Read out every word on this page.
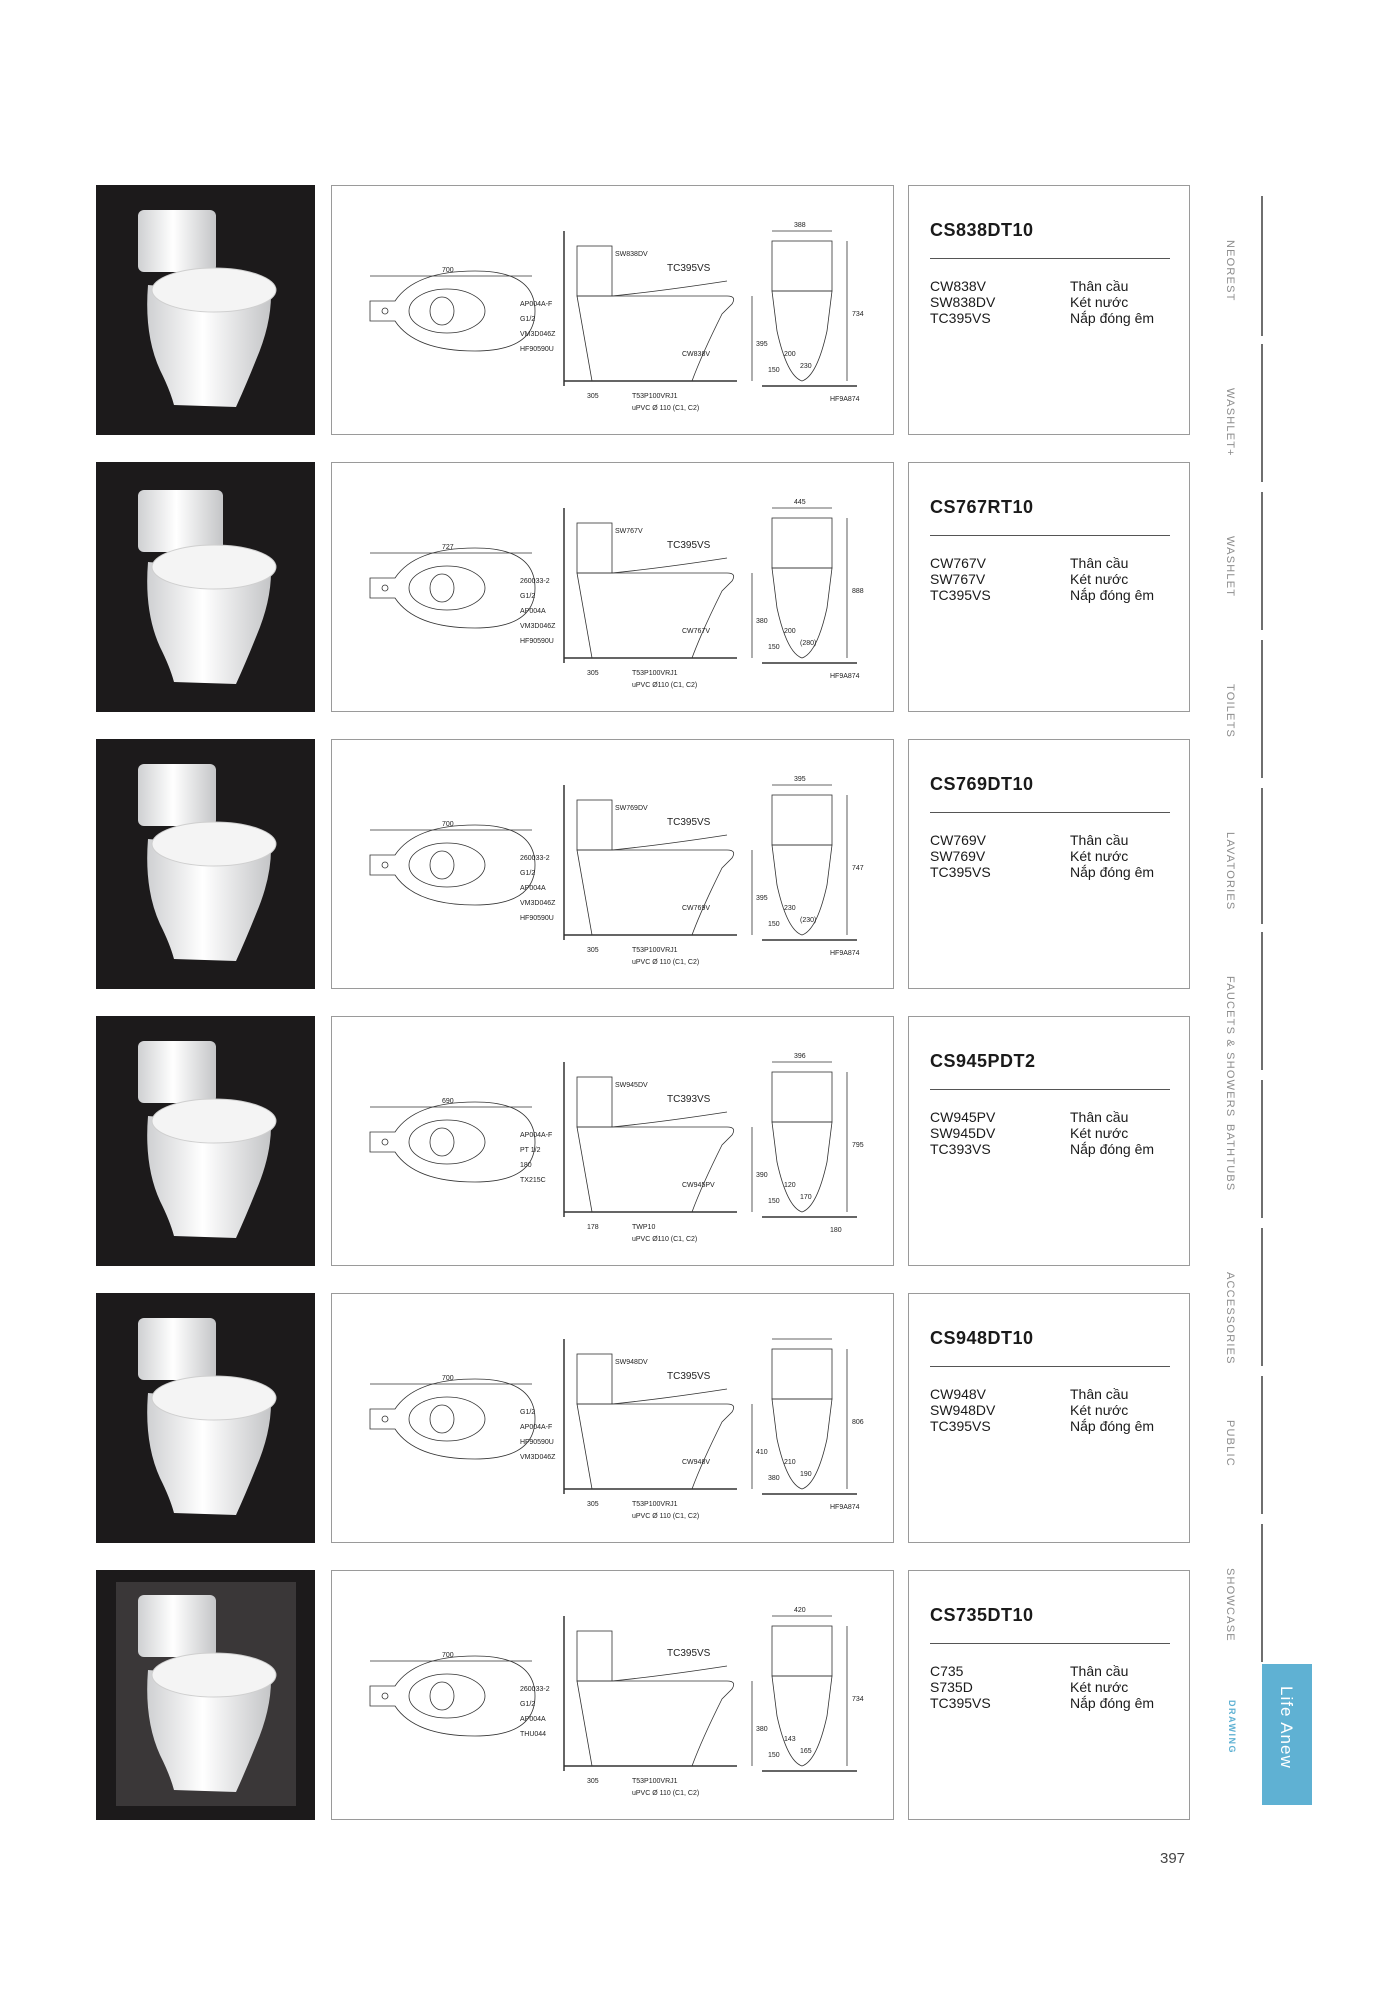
700
388
734
395
305
200
230
150
SW838DV
TC395VS
CW838V
AP004A-F
G1/2
VM3D046Z
HF90590U
T53P100VRJ1
uPVC Ø 110 (C1, C2)
HF9A874
CS838DT10
CW838V	Thân cầu
SW838DV	Két nước
TC395VS	Nắp đóng êm
727
445
888
380
305
200
(280)
150
SW767V
TC395VS
CW767V
260033-2
G1/2
AP004A
VM3D046Z
HF90590U
T53P100VRJ1
uPVC Ø110 (C1, C2)
HF9A874
CS767RT10
CW767V	Thân cầu
SW767V	Két nước
TC395VS	Nắp đóng êm
700
395
747
395
305
230
(230)
150
SW769DV
TC395VS
CW769V
260033-2
G1/2
AP004A
VM3D046Z
HF90590U
T53P100VRJ1
uPVC Ø 110 (C1, C2)
HF9A874
CS769DT10
CW769V	Thân cầu
SW769V	Két nước
TC395VS	Nắp đóng êm
690
396
795
390
178
120
170
150
SW945DV
TC393VS
CW945PV
AP004A-F
PT 1/2
180
TX215C
TWP10
uPVC Ø110 (C1, C2)
180
CS945PDT2
CW945PV	Thân cầu
SW945DV	Két nước
TC393VS	Nắp đóng êm
700
806
410
305
210
190
380
SW948DV
TC395VS
CW948V
G1/2
AP004A-F
HF90590U
VM3D046Z
T53P100VRJ1
uPVC Ø 110 (C1, C2)
HF9A874
CS948DT10
CW948V	Thân cầu
SW948DV	Két nước
TC395VS	Nắp đóng êm
700
420
734
380
305
143
165
150
TC395VS
260033-2
G1/2
AP004A
THU044
T53P100VRJ1
uPVC Ø 110 (C1, C2)
CS735DT10
C735	Thân cầu
S735D	Két nước
TC395VS	Nắp đóng êm
NEOREST
WASHLET+
WASHLET
TOILETS
LAVATORIES
FAUCETS & SHOWERS
BATHTUBS
ACCESSORIES
PUBLIC
SHOWCASE
Life Anew
DRAWING
397
